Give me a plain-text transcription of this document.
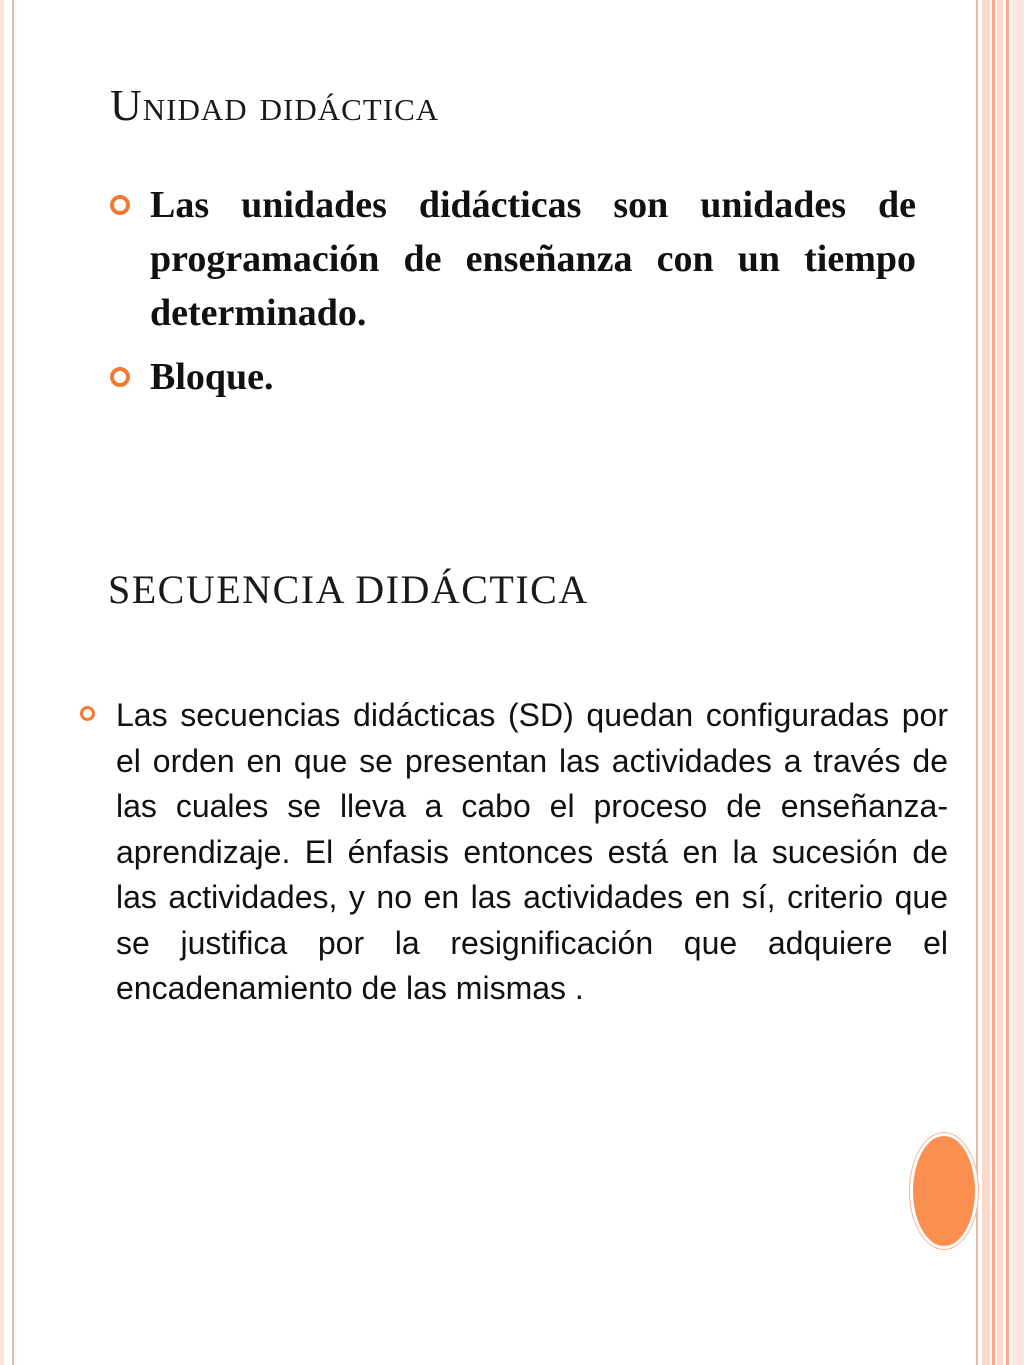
Unidad didáctica
Las unidades didácticas son unidades de programación de enseñanza con un tiempo determinado.
Bloque.
SECUENCIA DIDÁCTICA
Las secuencias didácticas (SD) quedan configuradas por el orden en que se presentan las actividades a través de las cuales se lleva a cabo el proceso de enseñanza- aprendizaje. El énfasis entonces está en la sucesión de las actividades, y no en las actividades en sí, criterio que se justifica por la resignificación que adquiere el encadenamiento de las mismas .
